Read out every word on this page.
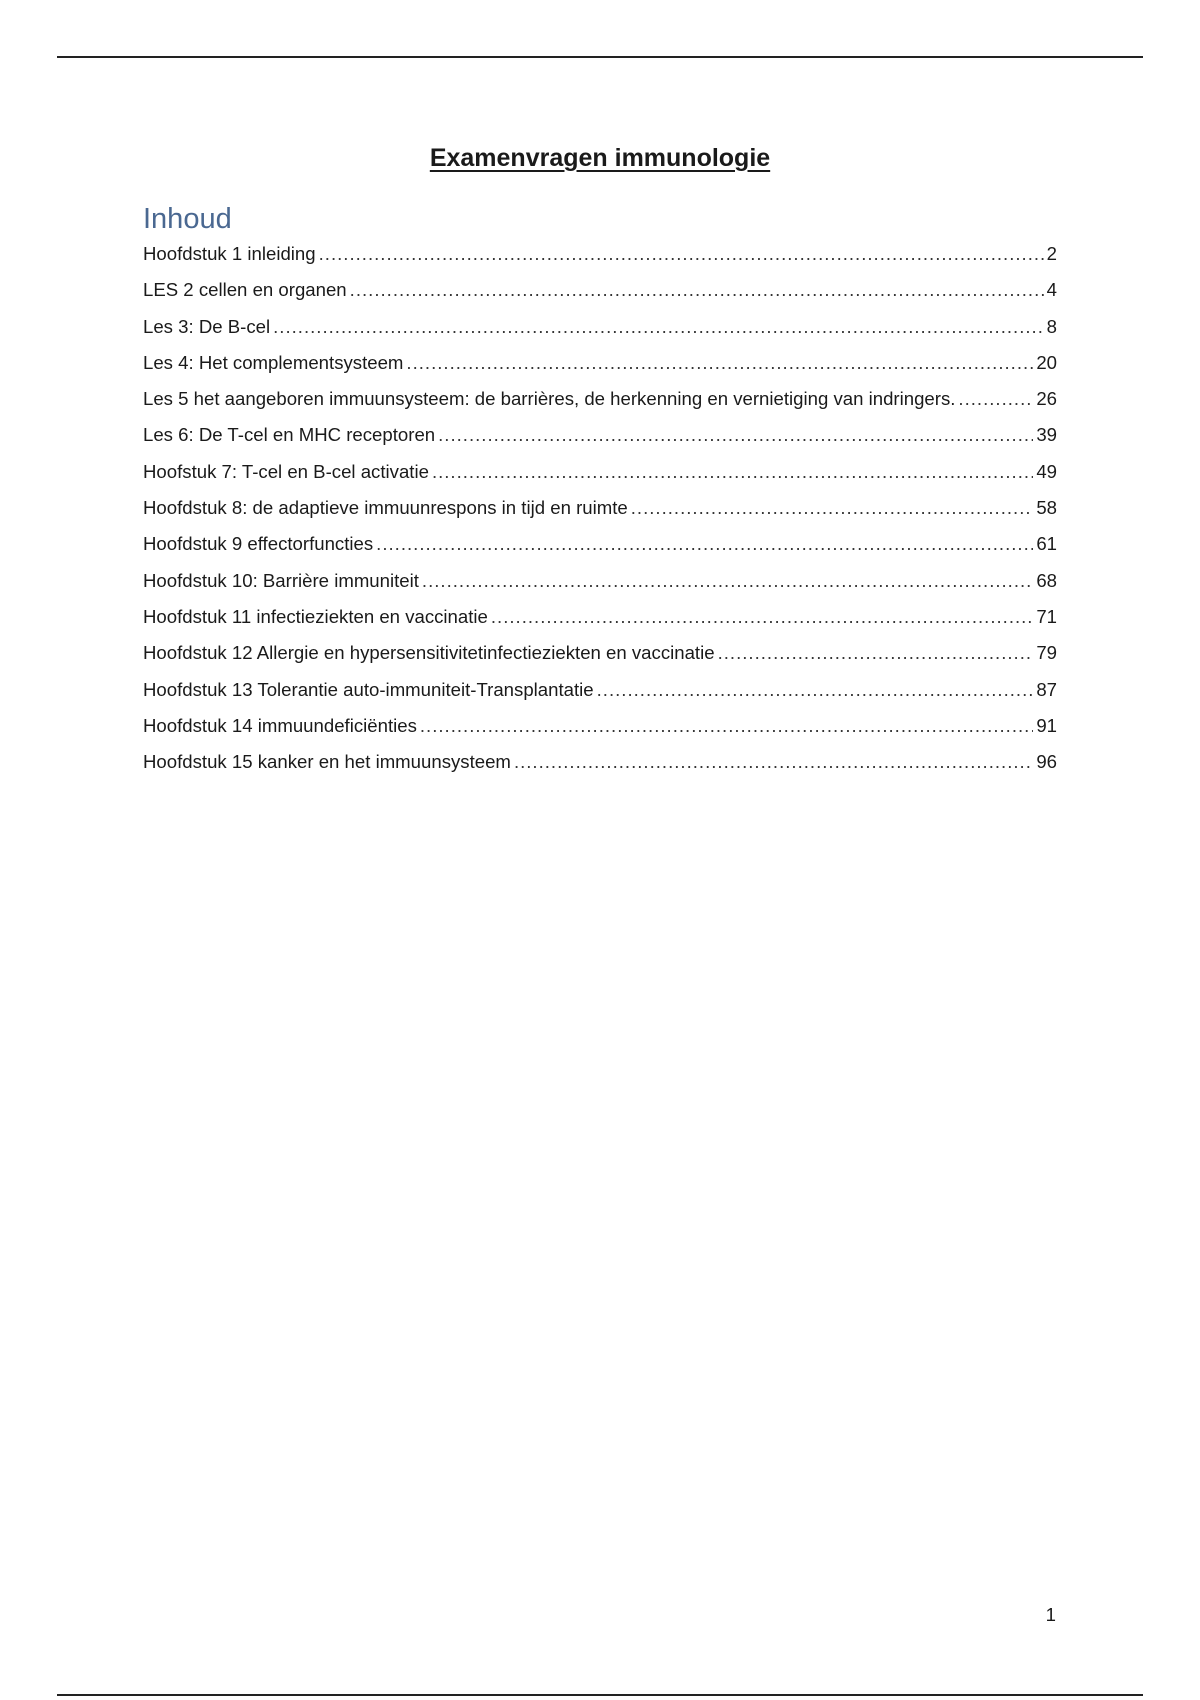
Examenvragen immunologie
Inhoud
Hoofdstuk 1 inleiding .....	2
LES 2 cellen en organen .....	4
Les 3: De B-cel .....	8
Les 4: Het complementsysteem .....	20
Les 5 het aangeboren immuunsysteem: de barrières, de herkenning en vernietiging van indringers. .....	26
Les 6: De T-cel en MHC receptoren .....	39
Hoofstuk 7: T-cel en B-cel activatie .....	49
Hoofdstuk 8: de adaptieve immuunrespons in tijd en ruimte .....	58
Hoofdstuk 9 effectorfuncties .....	61
Hoofdstuk 10: Barrière immuniteit .....	68
Hoofdstuk 11 infectieziekten en vaccinatie .....	71
Hoofdstuk 12 Allergie en hypersensitivitetinfectieziekten en vaccinatie .....	79
Hoofdstuk 13 Tolerantie auto-immuniteit-Transplantatie .....	87
Hoofdstuk 14 immuundeficiënties .....	91
Hoofdstuk 15 kanker en het immuunsysteem .....	96
1
